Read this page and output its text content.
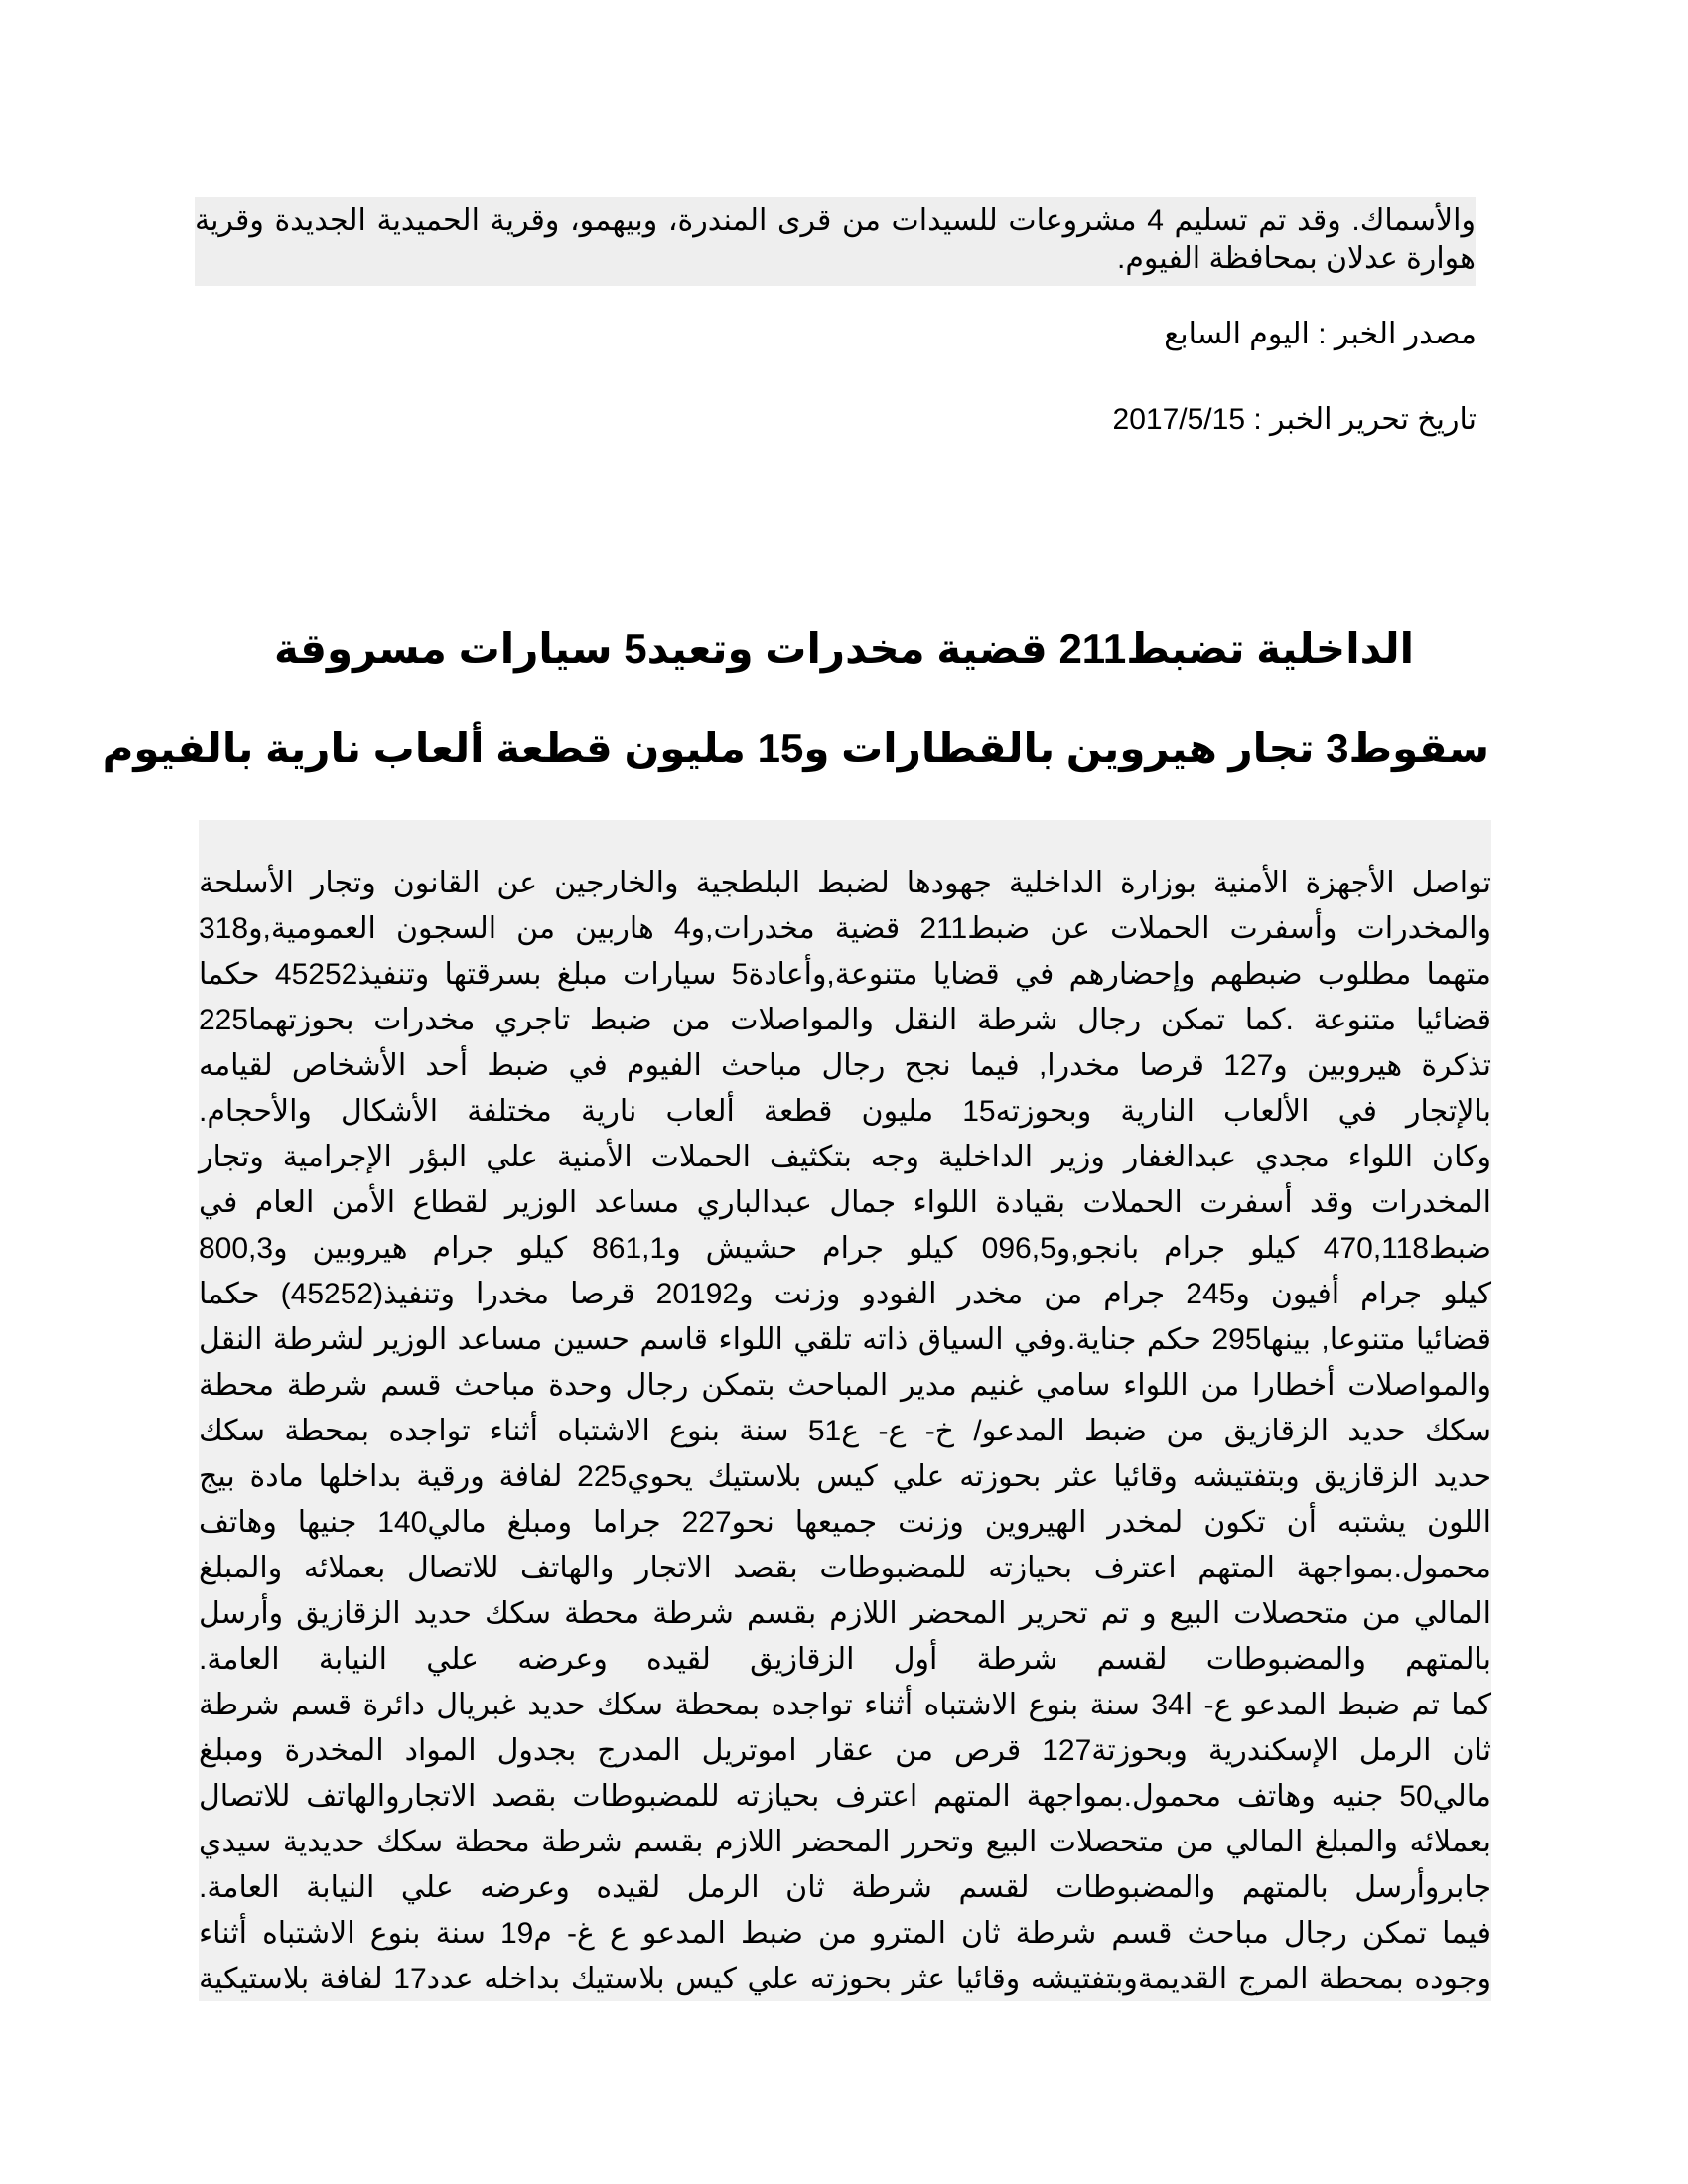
والأسماك. وقد تم تسليم 4 مشروعات للسيدات من قرى المندرة، وبيهمو، وقرية الحميدية الجديدة وقرية
هوارة عدلان بمحافظة الفيوم.
مصدر الخبر : اليوم السابع
تاريخ تحرير الخبر : 2017/5/15
الداخلية تضبط211 قضية مخدرات وتعيد5 سيارات مسروقة
سقوط3 تجار هيروين بالقطارات و15 مليون قطعة ألعاب نارية بالفيوم
تواصل الأجهزة الأمنية بوزارة الداخلية جهودها لضبط البلطجية والخارجين عن القانون وتجار الأسلحة
والمخدرات وأسفرت الحملات عن ضبط211 قضية مخدرات,و4 هاربين من السجون العمومية,و318
متهما مطلوب ضبطهم وإحضارهم في قضايا متنوعة,وأعادة5 سيارات مبلغ بسرقتها وتنفيذ45252 حكما
قضائيا متنوعة .كما تمكن رجال شرطة النقل والمواصلات من ضبط تاجري مخدرات بحوزتهما225
تذكرة هيروبين و127 قرصا مخدرا, فيما نجح رجال مباحث الفيوم في ضبط أحد الأشخاص لقيامه
بالإتجار في الألعاب النارية وبحوزته15 مليون قطعة ألعاب نارية مختلفة الأشكال والأحجام.
وكان اللواء مجدي عبدالغفار وزير الداخلية وجه بتكثيف الحملات الأمنية علي البؤر الإجرامية وتجار
المخدرات وقد أسفرت الحملات بقيادة اللواء جمال عبدالباري مساعد الوزير لقطاع الأمن العام في
ضبط470,118 كيلو جرام بانجو,و096,5 كيلو جرام حشيش و861,1 كيلو جرام هيروبين و800,3
كيلو جرام أفيون و245 جرام من مخدر الفودو وزنت و20192 قرصا مخدرا وتنفيذ(45252) حكما
قضائيا متنوعا, بينها295 حكم جناية.وفي السياق ذاته تلقي اللواء قاسم حسين مساعد الوزير لشرطة النقل
والمواصلات أخطارا من اللواء سامي غنيم مدير المباحث بتمكن رجال وحدة مباحث قسم شرطة محطة
سكك حديد الزقازيق من ضبط المدعو/ خ- ع- ع51 سنة بنوع الاشتباه أثناء تواجده بمحطة سكك
حديد الزقازيق وبتفتيشه وقائيا عثر بحوزته علي كيس بلاستيك يحوي225 لفافة ورقية بداخلها مادة بيج
اللون يشتبه أن تكون لمخدر الهيروين وزنت جميعها نحو227 جراما ومبلغ مالي140 جنيها وهاتف
محمول.بمواجهة المتهم اعترف بحيازته للمضبوطات بقصد الاتجار والهاتف للاتصال بعملائه والمبلغ
المالي من متحصلات البيع و تم تحرير المحضر اللازم بقسم شرطة محطة سكك حديد الزقازيق وأرسل
بالمتهم والمضبوطات لقسم شرطة أول الزقازيق لقيده وعرضه علي النيابة العامة.
كما تم ضبط المدعو ع- ا34 سنة بنوع الاشتباه أثناء تواجده بمحطة سكك حديد غبريال دائرة قسم شرطة
ثان الرمل الإسكندرية وبحوزتة127 قرص من عقار اموتريل المدرج بجدول المواد المخدرة ومبلغ
مالي50 جنيه وهاتف محمول.بمواجهة المتهم اعترف بحيازته للمضبوطات بقصد الاتجاروالهاتف للاتصال
بعملائه والمبلغ المالي من متحصلات البيع وتحرر المحضر اللازم بقسم شرطة محطة سكك حديدية سيدي
جابروأرسل بالمتهم والمضبوطات لقسم شرطة ثان الرمل لقيده وعرضه علي النيابة العامة.
فيما تمكن رجال مباحث قسم شرطة ثان المترو من ضبط المدعو ع غ- م19 سنة بنوع الاشتباه أثناء
وجوده بمحطة المرج القديمةوبتفتيشه وقائيا عثر بحوزته علي كيس بلاستيك بداخله عدد17 لفافة بلاستيكية
